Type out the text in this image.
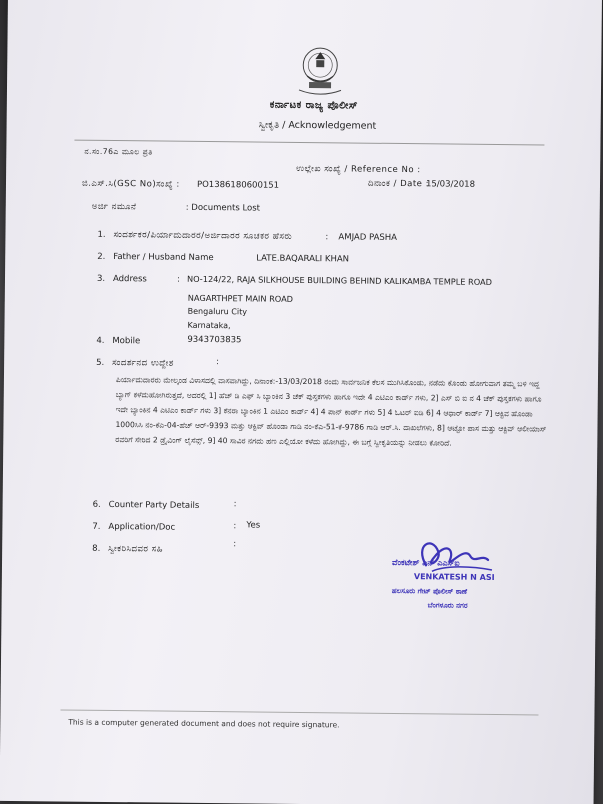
ಕರ್ನಾಟಕ ರಾಜ್ಯ ಪೊಲೀಸ್
ಸ್ವೀಕೃತಿ / Acknowledgement
ನ.ಸಂ.76ಎ ಮೂಲ ಪ್ರತಿ
ಉಲ್ಲೇಖ ಸಂಖ್ಯೆ / Reference No :
ಜಿ.ಎಸ್.ಸಿ(GSC No)ಸಂಖ್ಯೆ : PO1386180600151	ದಿನಾಂಕ / Date :
15/03/2018
ಅರ್ಜಿ ನಮೂನೆ	: Documents Lost
1. ಸಂದರ್ಶಕರ/ಪಿರ್ಯಾದುದಾರರ/ಅರ್ಜಿದಾರರ ಸೂಚಕರ ಹೆಸರು	: AMJAD PASHA
2. Father / Husband Name	LATE.BAQARALI KHAN
3. Address	: NO-124/22, RAJA SILKHOUSE BUILDING BEHIND KALIKAMBA TEMPLE ROAD
NAGARTHPET MAIN ROAD
Bengaluru City
Karnataka,
4. Mobile	9343703835
5. ಸಂದರ್ಶನದ ಉದ್ದೇಶ	:
ಪಿರ್ಯಾದುದಾರರು ಮೇಲ್ಕಂಡ ವಿಳಾಸದಲ್ಲಿ ವಾಸವಾಗಿದ್ದು, ದಿನಾಂಕ:-13/03/2018 ರಂದು ಸಾರ್ವಜನಿಕ ಕೆಲಸ ಮುಗಿಸಿಕೊಂಡು, ನಡೆದು ಕೊಂಡು ಹೋಗುವಾಗ ತಮ್ಮ ಬಳಿ ಇದ್ದ ಬ್ಯಾಗ್ ಕಳೆದುಹೋಗಿರುತ್ತದೆ, ಅದರಲ್ಲಿ 1] ಹೆಚ್ ಡಿ ಎಫ್ ಸಿ ಬ್ಯಾಂಕಿನ 3 ಚೆಕ್ ಪುಸ್ತಕಗಳು ಹಾಗೂ ಇದೇ 4 ಎಟಿಎಂ ಕಾರ್ಡ್ ಗಳು, 2] ಎಸ್ ಬಿ ಐ ನ 4 ಚೆಕ್ ಪುಸ್ತಕಗಳು ಹಾಗೂ ಇದೇ ಬ್ಯಾಂಕಿನ 4 ಎಟಿಎಂ ಕಾರ್ಡ್ ಗಳು 3] ಕೆನರಾ ಬ್ಯಾಂಕಿನ 1 ಎಟಿಎಂ ಕಾರ್ಡ್ 4] 4 ಪಾನ್ ಕಾರ್ಡ್ ಗಳು 5] 4 ಓಟರ್ ಐಡಿ 6] 4 ಆಧಾರ್ ಕಾರ್ಡ್ 7] ಆಕ್ಟಿವ ಹೊಂಡಾ 1000ಸಿಸಿ ನಂ-ಕೆಎ-04-ಹೆಚ್ ಆರ್-9393 ಮತ್ತು ಆಕ್ಟಿವ್ ಹೊಂಡಾ ಗಾಡಿ ನಂ-ಕೆಎ-51-ಕೆ-9786 ಗಾಡಿ ಆರ್.ಸಿ. ದಾಖಲೆಗಳು, 8] ಆಟ್ಟೋ ಪಾಸ ಮತ್ತು ಆಕ್ಟಿವ್ ಆಲೀಯಾಸ್ ರವರಿಗೆ ಸೇರಿದ 2 ಡ್ರೈವಿಂಗ್ ಲೈಸೆನ್ಸ್, 9] 40 ಸಾವಿರ ನಗದು ಹಣ ಎಲ್ಲಿಯೋ ಕಳೆದು ಹೋಗಿದ್ದು, ಈ ಬಗ್ಗೆ ಸ್ವೀಕೃತಿಯನ್ನು ನೀಡಲು ಕೋರಿದೆ.
6. Counter Party Details	:
7. Application/Doc	: Yes
8. ಸ್ವೀಕರಿಸಿದವರ ಸಹಿ	:
ವೆಂಕಟೇಶ್ ಎನ್ ಎಎಸ್ಐ
VENKATESH N ASI
ಹಲಸೂರು ಗೇಟ್ ಪೊಲೀಸ್ ಠಾಣೆ
ಬೆಂಗಳೂರು ನಗರ
This is a computer generated document and does not require signature.
